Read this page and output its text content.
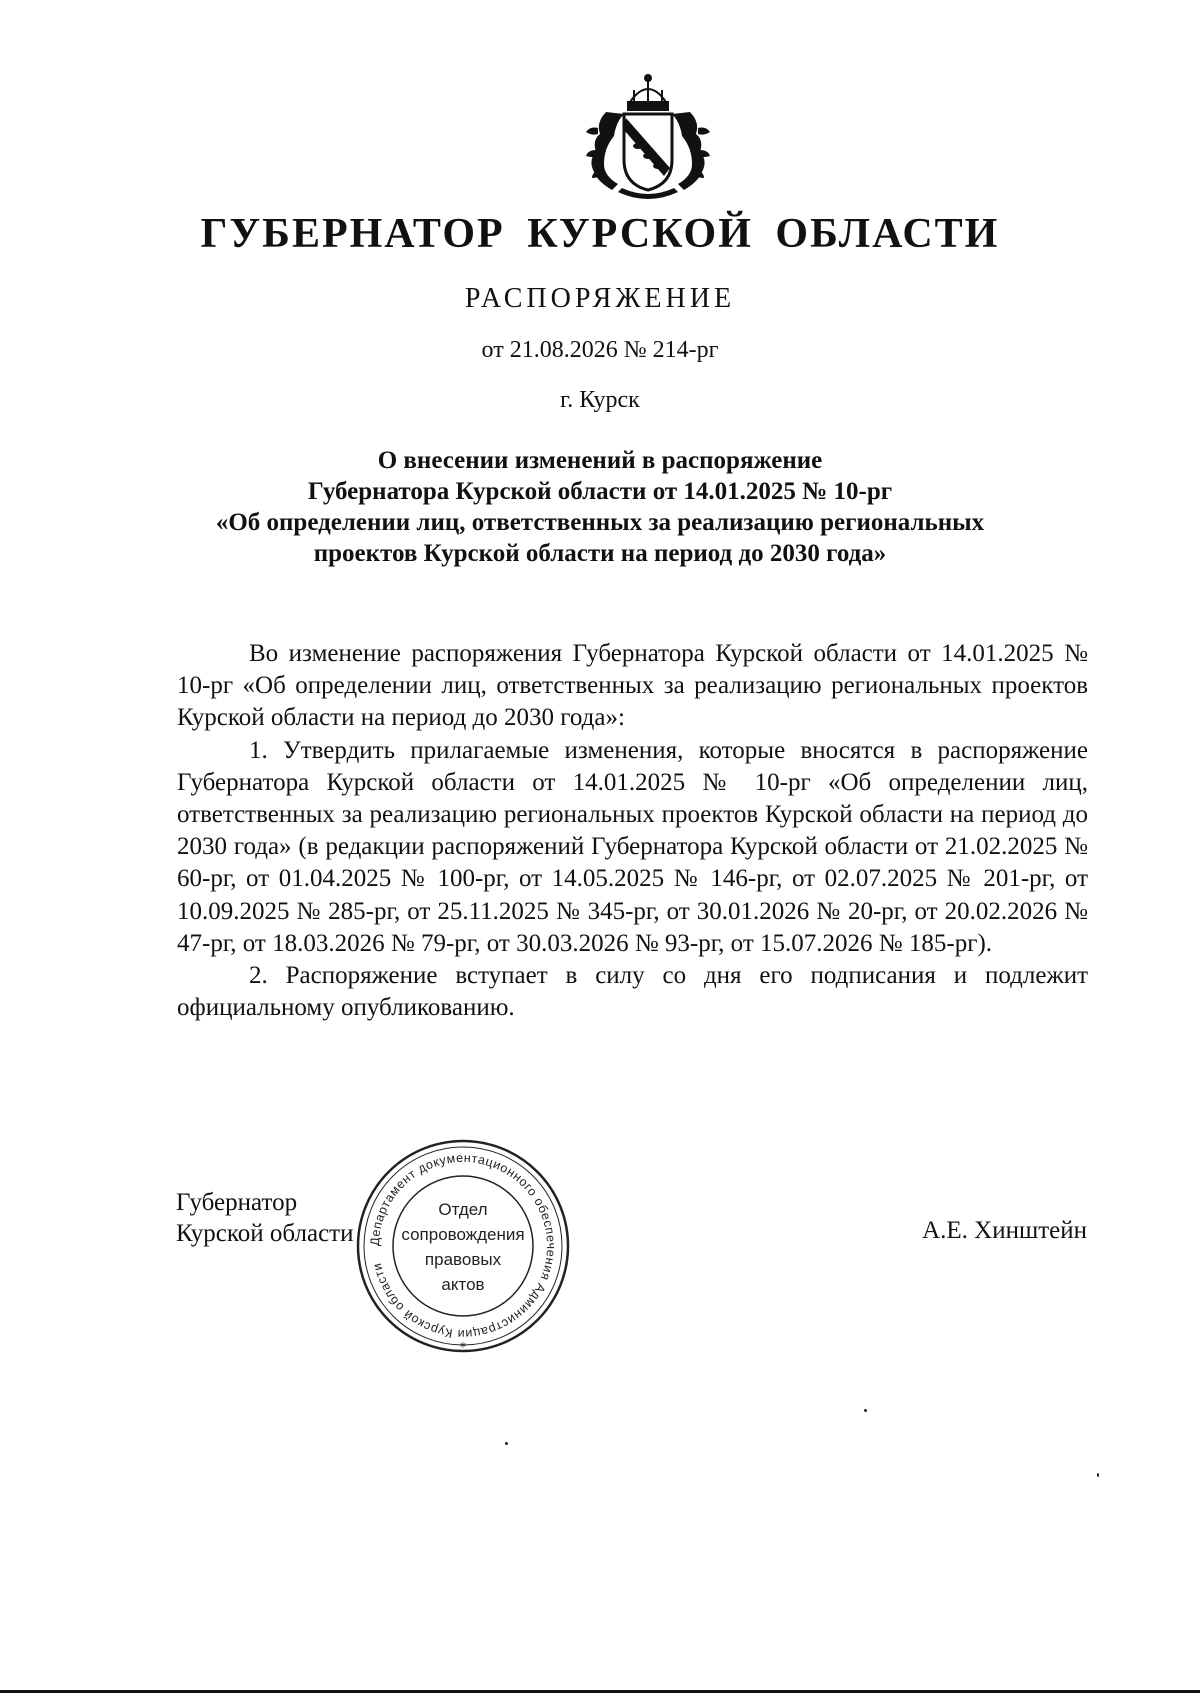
ГУБЕРНАТОР КУРСКОЙ ОБЛАСТИ
РАСПОРЯЖЕНИЕ
от 21.08.2026 № 214-рг
г. Курск
О внесении изменений в распоряжение
Губернатора Курской области от 14.01.2025 № 10-рг
«Об определении лиц, ответственных за реализацию региональных
проектов Курской области на период до 2030 года»

Во изменение распоряжения Губернатора Курской области от 14.01.2025 № 10-рг «Об определении лиц, ответственных за реализацию региональных проектов Курской области на период до 2030 года»:

1. Утвердить прилагаемые изменения, которые вносятся в распоряжение Губернатора Курской области от 14.01.2025 № 10-рг «Об определении лиц, ответственных за реализацию региональных проектов Курской области на период до 2030 года» (в редакции распоряжений Губернатора Курской области от 21.02.2025 № 60-рг, от 01.04.2025 № 100-рг, от 14.05.2025 № 146-рг, от 02.07.2025 № 201-рг, от 10.09.2025 № 285-рг, от 25.11.2025 № 345-рг, от 30.01.2026 № 20-рг, от 20.02.2026 № 47-рг, от 18.03.2026 № 79-рг, от 30.03.2026 № 93-рг, от 15.07.2026 № 185-рг).

2. Распоряжение вступает в силу со дня его подписания и подлежит официальному опубликованию.

Губернатор
Курской области	А.Е. Хинштейн
Департамент документационного обеспечения Администрации Курской области
*
Отдел
сопровождения
правовых
актов
